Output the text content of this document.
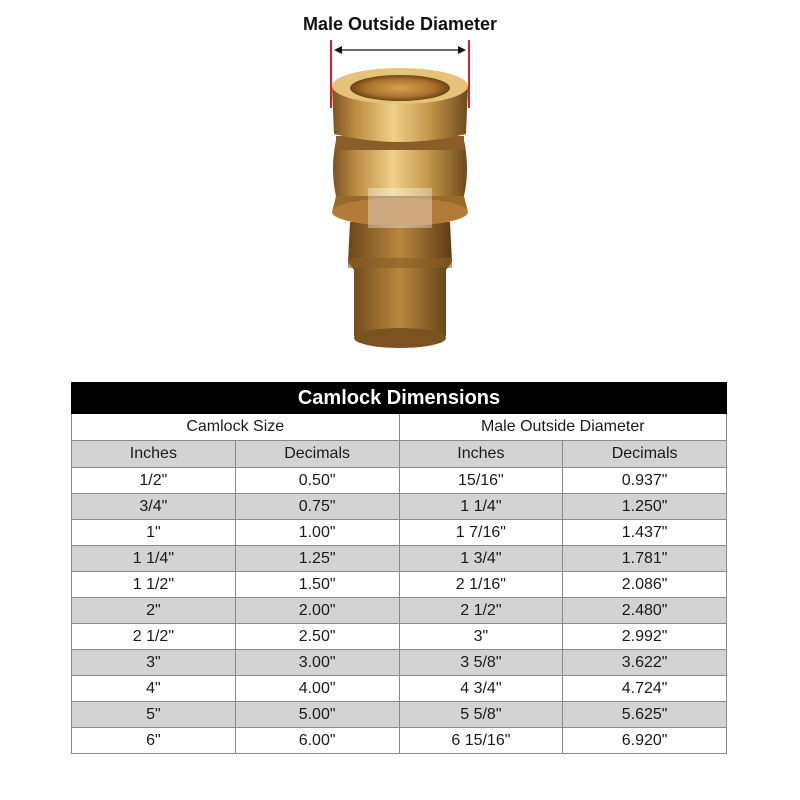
Male Outside Diameter
Camlock Dimensions			
Camlock Size		Male Outside Diameter	
Inches	Decimals	Inches	Decimals
1/2"	0.50"	15/16"	0.937"
3/4"	0.75"	1 1/4"	1.250"
1"	1.00"	1 7/16"	1.437"
1 1/4"	1.25"	1 3/4"	1.781"
1 1/2"	1.50"	2 1/16"	2.086"
2"	2.00"	2 1/2"	2.480"
2 1/2"	2.50"	3"	2.992"
3"	3.00"	3 5/8"	3.622"
4"	4.00"	4 3/4"	4.724"
5"	5.00"	5 5/8"	5.625"
6"	6.00"	6 15/16"	6.920"
